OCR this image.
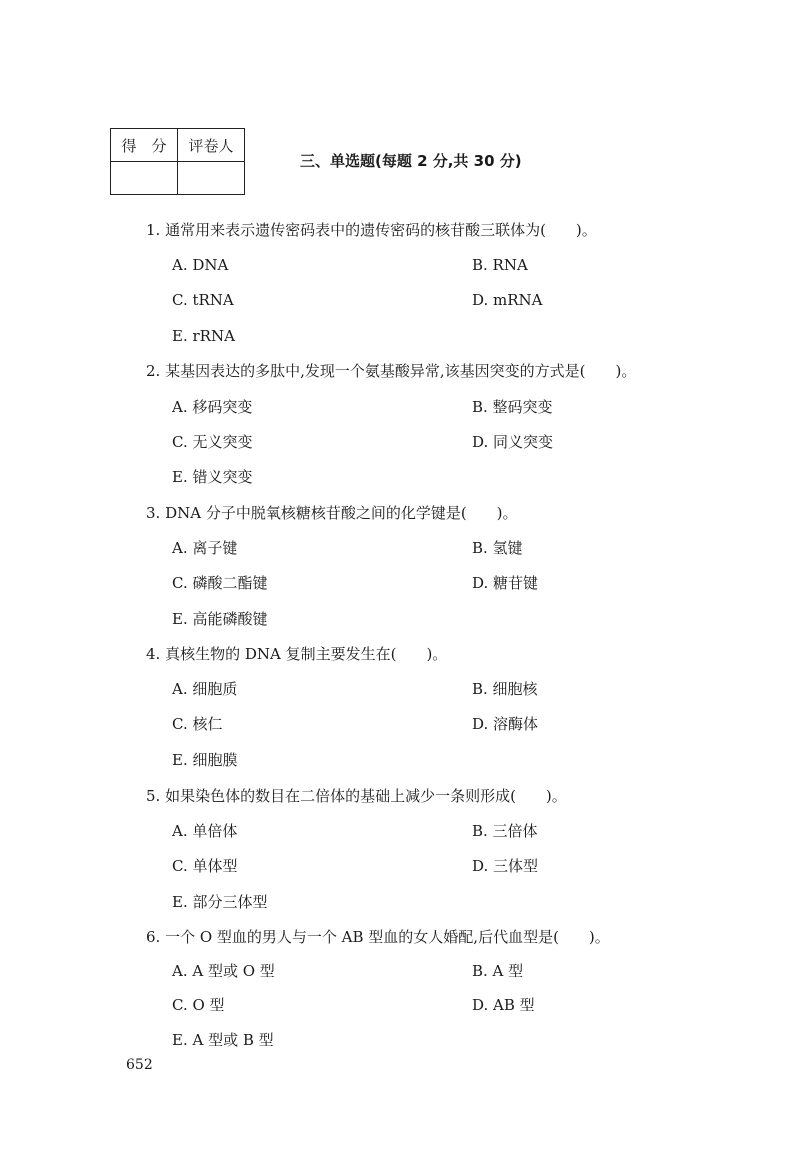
得　分	评卷人

三、单选题(每题 2 分,共 30 分)
1. 通常用来表示遗传密码表中的遗传密码的核苷酸三联体为(　　)。
A. DNA	B. RNA
C. tRNA	D. mRNA
E. rRNA
2. 某基因表达的多肽中,发现一个氨基酸异常,该基因突变的方式是(　　)。
A. 移码突变	B. 整码突变
C. 无义突变	D. 同义突变
E. 错义突变
3. DNA 分子中脱氧核糖核苷酸之间的化学键是(　　)。
A. 离子键	B. 氢键
C. 磷酸二酯键	D. 糖苷键
E. 高能磷酸键
4. 真核生物的 DNA 复制主要发生在(　　)。
A. 细胞质	B. 细胞核
C. 核仁	D. 溶酶体
E. 细胞膜
5. 如果染色体的数目在二倍体的基础上减少一条则形成(　　)。
A. 单倍体	B. 三倍体
C. 单体型	D. 三体型
E. 部分三体型
6. 一个 O 型血的男人与一个 AB 型血的女人婚配,后代血型是(　　)。
A. A 型或 O 型	B. A 型
C. O 型	D. AB 型
E. A 型或 B 型
652
